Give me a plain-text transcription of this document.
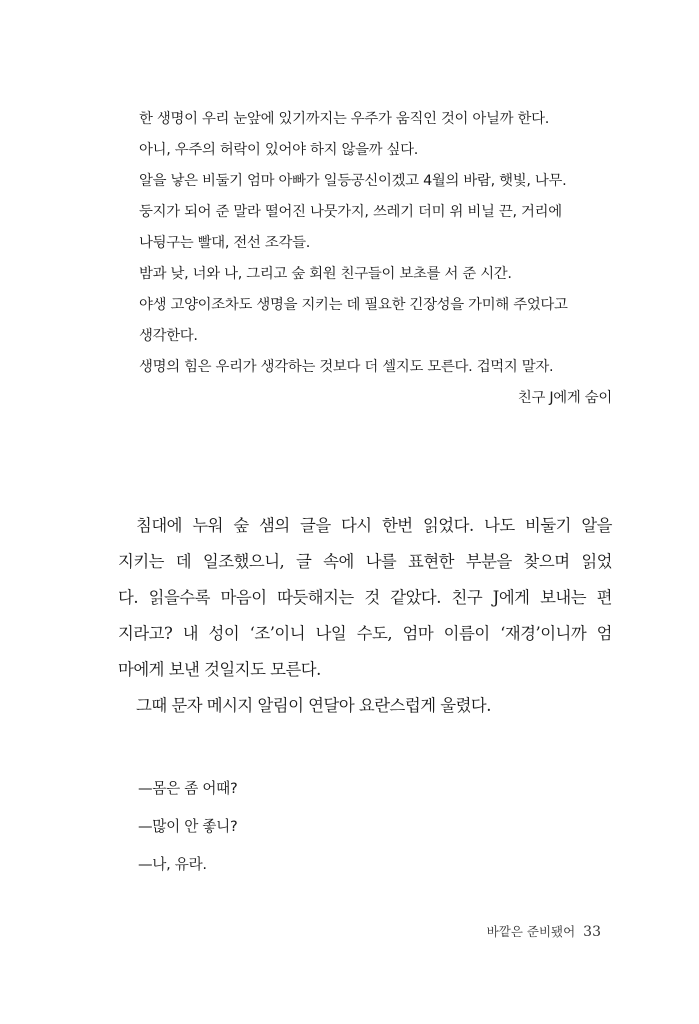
한 생명이 우리 눈앞에 있기까지는 우주가 움직인 것이 아닐까 한다.
아니, 우주의 허락이 있어야 하지 않을까 싶다.
알을 낳은 비둘기 엄마 아빠가 일등공신이겠고 4월의 바람, 햇빛, 나무.
둥지가 되어 준 말라 떨어진 나뭇가지, 쓰레기 더미 위 비닐 끈, 거리에
나뒹구는 빨대, 전선 조각들.
밤과 낮, 너와 나, 그리고 숲 회원 친구들이 보초를 서 준 시간.
야생 고양이조차도 생명을 지키는 데 필요한 긴장성을 가미해 주었다고
생각한다.
생명의 힘은 우리가 생각하는 것보다 더 셀지도 모른다. 겁먹지 말자.
친구 J에게 숨이
침대에 누워 숲 샘의 글을 다시 한번 읽었다. 나도 비둘기 알을
지키는 데 일조했으니, 글 속에 나를 표현한 부분을 찾으며 읽었
다. 읽을수록 마음이 따듯해지는 것 같았다. 친구 J에게 보내는 편
지라고? 내 성이 ‘조’이니 나일 수도, 엄마 이름이 ‘재경’이니까 엄
마에게 보낸 것일지도 모른다.
그때 문자 메시지 알림이 연달아 요란스럽게 울렸다.
—몸은 좀 어때?
—많이 안 좋니?
—나, 유라.
바깥은 준비됐어 33
